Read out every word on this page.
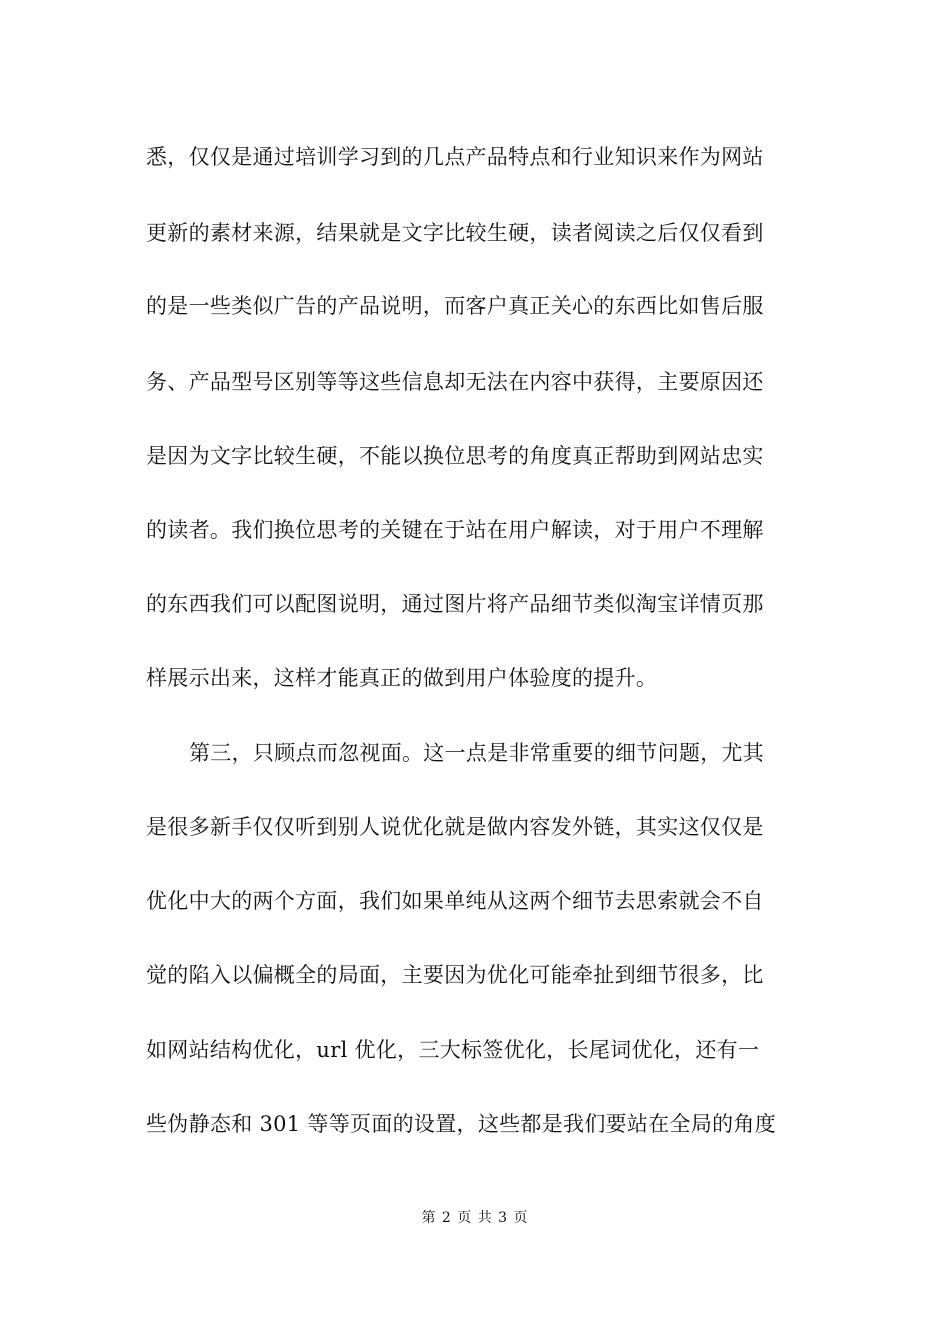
悉，仅仅是通过培训学习到的几点产品特点和行业知识来作为网站
更新的素材来源，结果就是文字比较生硬，读者阅读之后仅仅看到
的是一些类似广告的产品说明，而客户真正关心的东西比如售后服
务、产品型号区别等等这些信息却无法在内容中获得，主要原因还
是因为文字比较生硬，不能以换位思考的角度真正帮助到网站忠实
的读者。我们换位思考的关键在于站在用户解读，对于用户不理解
的东西我们可以配图说明，通过图片将产品细节类似淘宝详情页那
样展示出来，这样才能真正的做到用户体验度的提升。
第三，只顾点而忽视面。这一点是非常重要的细节问题，尤其
是很多新手仅仅听到别人说优化就是做内容发外链，其实这仅仅是
优化中大的两个方面，我们如果单纯从这两个细节去思索就会不自
觉的陷入以偏概全的局面，主要因为优化可能牵扯到细节很多，比
如网站结构优化，url 优化，三大标签优化，长尾词优化，还有一
些伪静态和 301 等等页面的设置，这些都是我们要站在全局的角度
第 2 页 共 3 页
